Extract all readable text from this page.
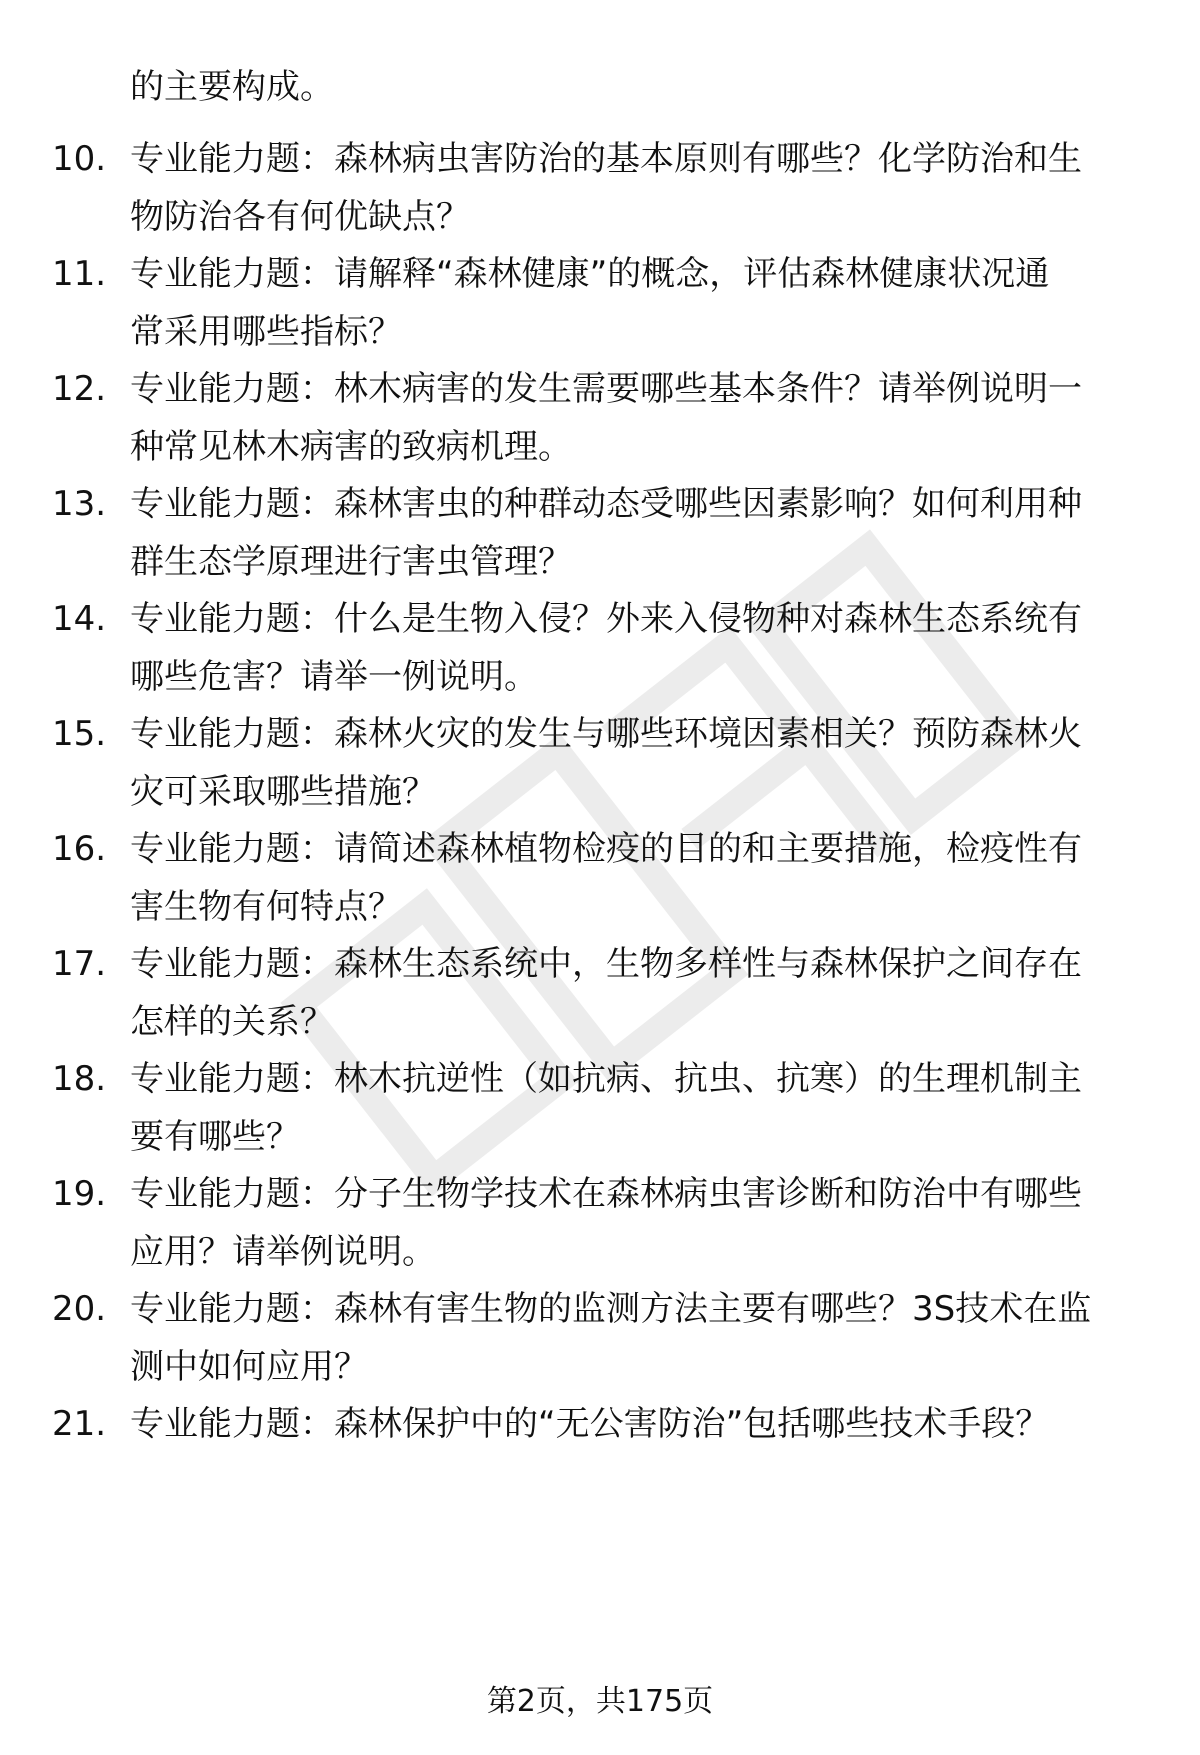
的主要构成。
10. 专业能力题：森林病虫害防治的基本原则有哪些？化学防治和生
物防治各有何优缺点？
11. 专业能力题：请解释“森林健康”的概念，评估森林健康状况通
常采用哪些指标？
12. 专业能力题：林木病害的发生需要哪些基本条件？请举例说明一
种常见林木病害的致病机理。
13. 专业能力题：森林害虫的种群动态受哪些因素影响？如何利用种
群生态学原理进行害虫管理？
14. 专业能力题：什么是生物入侵？外来入侵物种对森林生态系统有
哪些危害？请举一例说明。
15. 专业能力题：森林火灾的发生与哪些环境因素相关？预防森林火
灾可采取哪些措施？
16. 专业能力题：请简述森林植物检疫的目的和主要措施，检疫性有
害生物有何特点？
17. 专业能力题：森林生态系统中，生物多样性与森林保护之间存在
怎样的关系？
18. 专业能力题：林木抗逆性（如抗病、抗虫、抗寒）的生理机制主
要有哪些？
19. 专业能力题：分子生物学技术在森林病虫害诊断和防治中有哪些
应用？请举例说明。
20. 专业能力题：森林有害生物的监测方法主要有哪些？3S技术在监
测中如何应用？
21. 专业能力题：森林保护中的“无公害防治”包括哪些技术手段？
第2页，共175页
